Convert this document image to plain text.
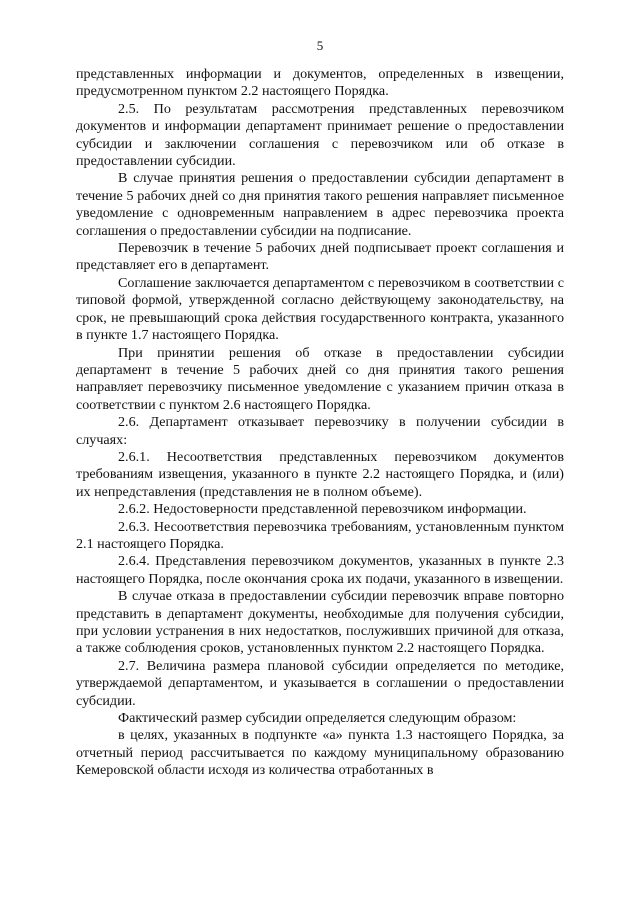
5

представленных информации и документов, определенных в извещении, предусмотренном пунктом 2.2 настоящего Порядка.

2.5. По результатам рассмотрения представленных перевозчиком документов и информации департамент принимает решение о предоставлении субсидии и заключении соглашения с перевозчиком или об отказе в предоставлении субсидии.

В случае принятия решения о предоставлении субсидии департамент в течение 5 рабочих дней со дня принятия такого решения направляет письменное уведомление с одновременным направлением в адрес перевозчика проекта соглашения о предоставлении субсидии на подписание.

Перевозчик в течение 5 рабочих дней подписывает проект соглашения и представляет его в департамент.

Соглашение заключается департаментом с перевозчиком в соответствии с типовой формой, утвержденной согласно действующему законодательству, на срок, не превышающий срока действия государственного контракта, указанного в пункте 1.7 настоящего Порядка.

При принятии решения об отказе в предоставлении субсидии департамент в течение 5 рабочих дней со дня принятия такого решения направляет перевозчику письменное уведомление с указанием причин отказа в соответствии с пунктом 2.6 настоящего Порядка.

2.6. Департамент отказывает перевозчику в получении субсидии в случаях:

2.6.1. Несоответствия представленных перевозчиком документов требованиям извещения, указанного в пункте 2.2 настоящего Порядка, и (или) их непредставления (представления не в полном объеме).

2.6.2. Недостоверности представленной перевозчиком информации.

2.6.3. Несоответствия перевозчика требованиям, установленным пунктом 2.1 настоящего Порядка.

2.6.4. Представления перевозчиком документов, указанных в пункте 2.3 настоящего Порядка, после окончания срока их подачи, указанного в извещении.

В случае отказа в предоставлении субсидии перевозчик вправе повторно представить в департамент документы, необходимые для получения субсидии, при условии устранения в них недостатков, послуживших причиной для отказа, а также соблюдения сроков, установленных пунктом 2.2 настоящего Порядка.

2.7. Величина размера плановой субсидии определяется по методике, утверждаемой департаментом, и указывается в соглашении о предоставлении субсидии.

Фактический размер субсидии определяется следующим образом:

в целях, указанных в подпункте «а» пункта 1.3 настоящего Порядка, за отчетный период рассчитывается по каждому муниципальному образованию Кемеровской области исходя из количества отработанных в
